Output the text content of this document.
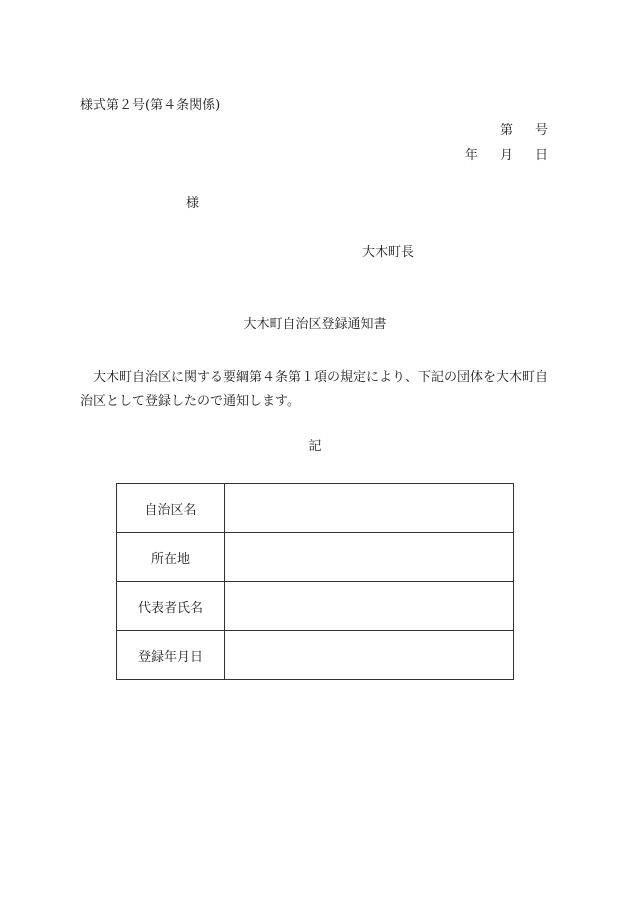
様式第２号(第４条関係)
第 号
年 月 日
様
大木町長
大木町自治区登録通知書
大木町自治区に関する要綱第４条第１項の規定により、下記の団体を大木町自治区として登録したので通知します。
記
自治区名	
所在地	
代表者氏名	
登録年月日	
